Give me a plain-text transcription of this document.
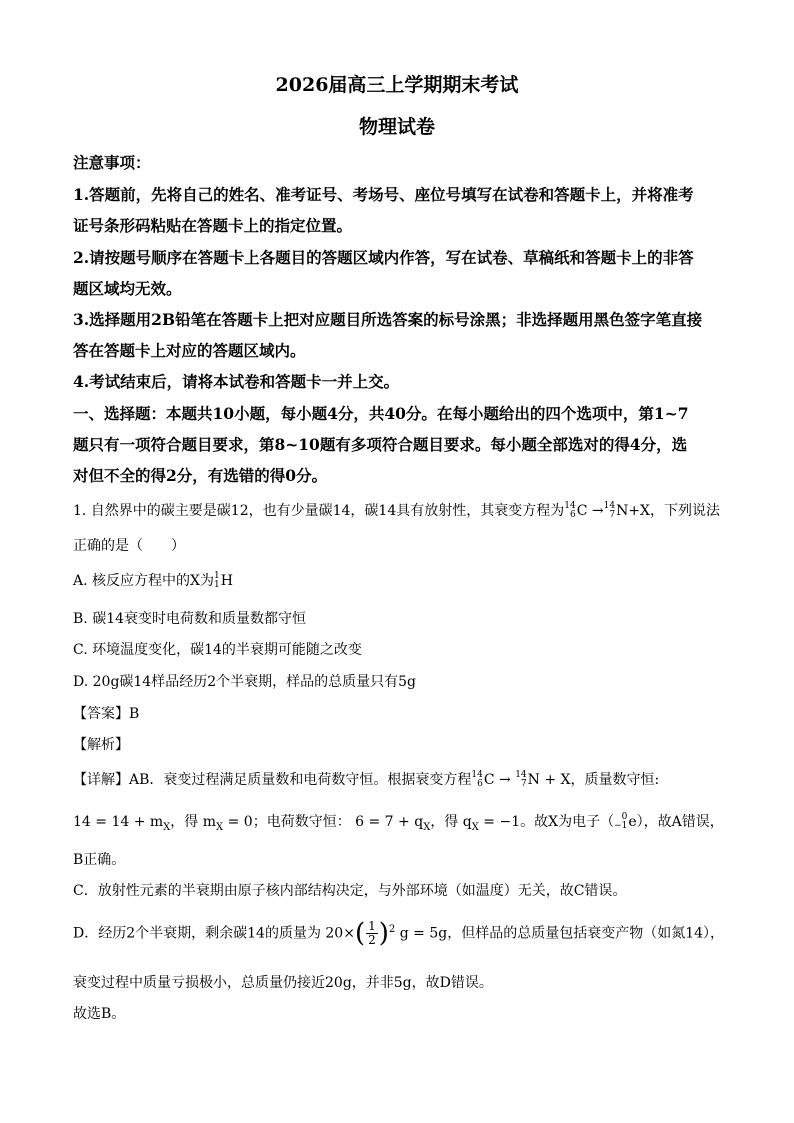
2026届高三上学期期末考试
物理试卷
注意事项：
1.答题前，先将自己的姓名、准考证号、考场号、座位号填写在试卷和答题卡上，并将准考
证号条形码粘贴在答题卡上的指定位置。
2.请按题号顺序在答题卡上各题目的答题区域内作答，写在试卷、草稿纸和答题卡上的非答
题区域均无效。
3.选择题用2B铅笔在答题卡上把对应题目所选答案的标号涂黑；非选择题用黑色签字笔直接
答在答题卡上对应的答题区域内。
4.考试结束后，请将本试卷和答题卡一并上交。
一、选择题：本题共10小题，每小题4分，共40分。在每小题给出的四个选项中，第1~7
题只有一项符合题目要求，第8~10题有多项符合题目要求。每小题全部选对的得4分，选
对但不全的得2分，有选错的得0分。
1. 自然界中的碳主要是碳12，也有少量碳14，碳14具有放射性，其衰变方程为 14
6 C → 14
7 N+X，下列说法
正确的是（　　）
A. 核反应方程中的X为 1
1 H
B. 碳14衰变时电荷数和质量数都守恒
C. 环境温度变化，碳14的半衰期可能随之改变
D. 20g碳14样品经历2个半衰期，样品的总质量只有5g
【答案】B
【解析】
【详解】AB．衰变过程满足质量数和电荷数守恒。根据衰变方程 14
6 C → 14
7 N + X，质量数守恒:
$14 = 14 + m_X$，得 $m_X = 0$；电荷数守恒： $6 = 7 + q_X$，得 $q_X = -1$。故X为电子（ 0
−1 e），故A错误，
B正确。
C．放射性元素的半衰期由原子核内部结构决定，与外部环境（如温度）无关，故C错误。
D．经历2个半衰期，剩余碳14的质量为 $20\times( \frac{1}{2} )^2$ g = 5g，但样品的总质量包括衰变产物（如氮14），
衰变过程中质量亏损极小，总质量仍接近20g，并非5g，故D错误。
故选B。
